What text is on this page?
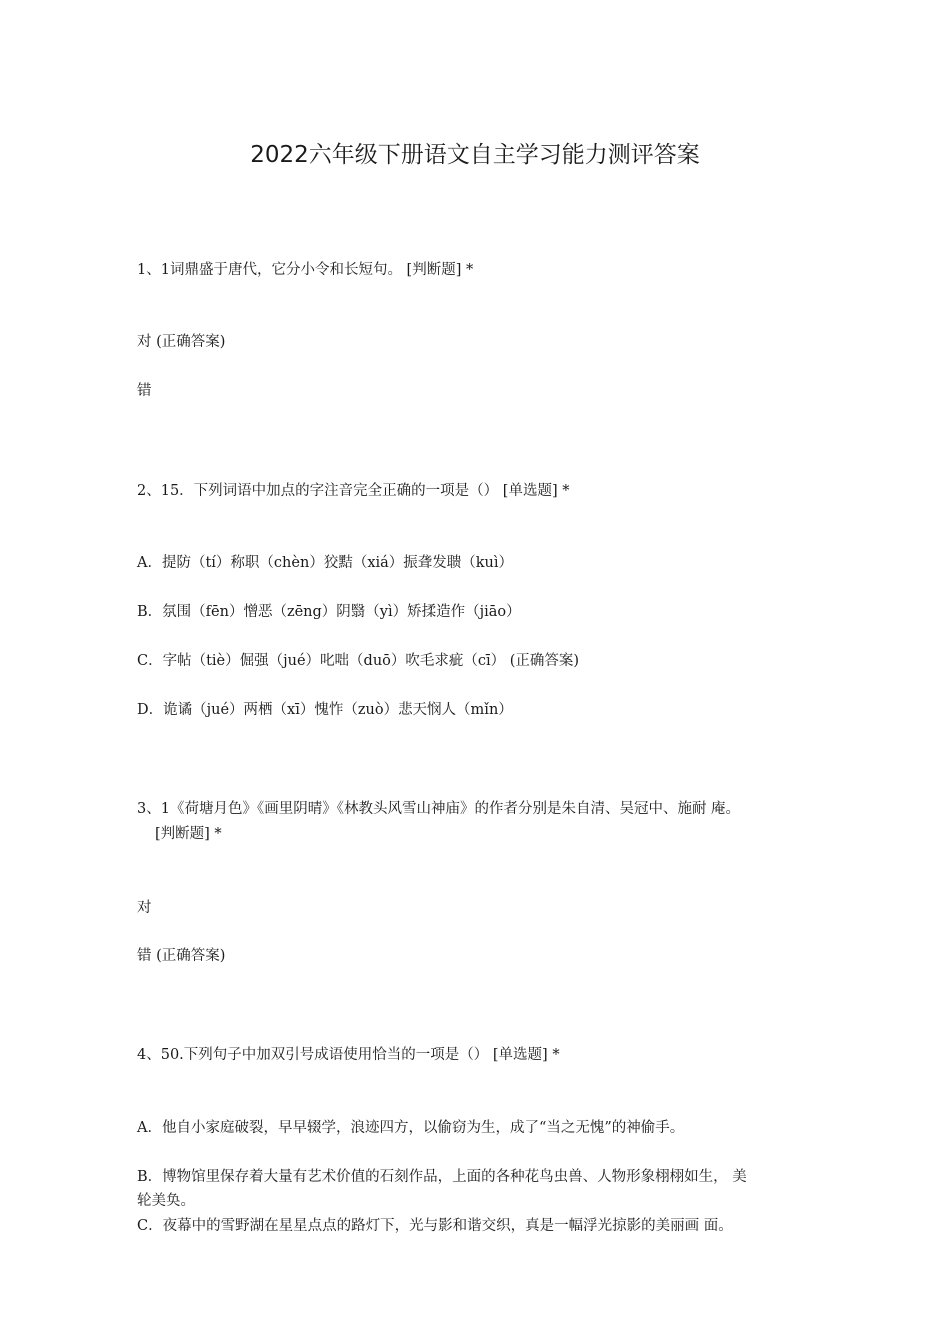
2022六年级下册语文自主学习能力测评答案
1、1词鼎盛于唐代，它分小令和长短句。 [判断题] *
对 (正确答案)
错
2、15．下列词语中加点的字注音完全正确的一项是（） [单选题] *
A．提防（tí）称职（chèn）狡黠（xiá）振聋发聩（kuì）
B．氛围（fēn）憎恶（zēng）阴翳（yì）矫揉造作（jiāo）
C．字帖（tiè）倔强（jué）叱咄（duō）吹毛求疵（cī） (正确答案)
D．诡谲（jué）两栖（xī）愧怍（zuò）悲天悯人（mǐn）
3、1《荷塘月色》《画里阴晴》《林教头风雪山神庙》的作者分别是朱自清、吴冠中、施耐 庵。
[判断题] *
对
错 (正确答案)
4、50.下列句子中加双引号成语使用恰当的一项是（） [单选题] *
A．他自小家庭破裂，早早辍学，浪迹四方，以偷窃为生，成了“当之无愧”的神偷手。
B．博物馆里保存着大量有艺术价值的石刻作品，上面的各种花鸟虫兽、人物形象栩栩如生， 美
轮美奂。
C．夜幕中的雪野湖在星星点点的路灯下，光与影和谐交织，真是一幅浮光掠影的美丽画 面。
